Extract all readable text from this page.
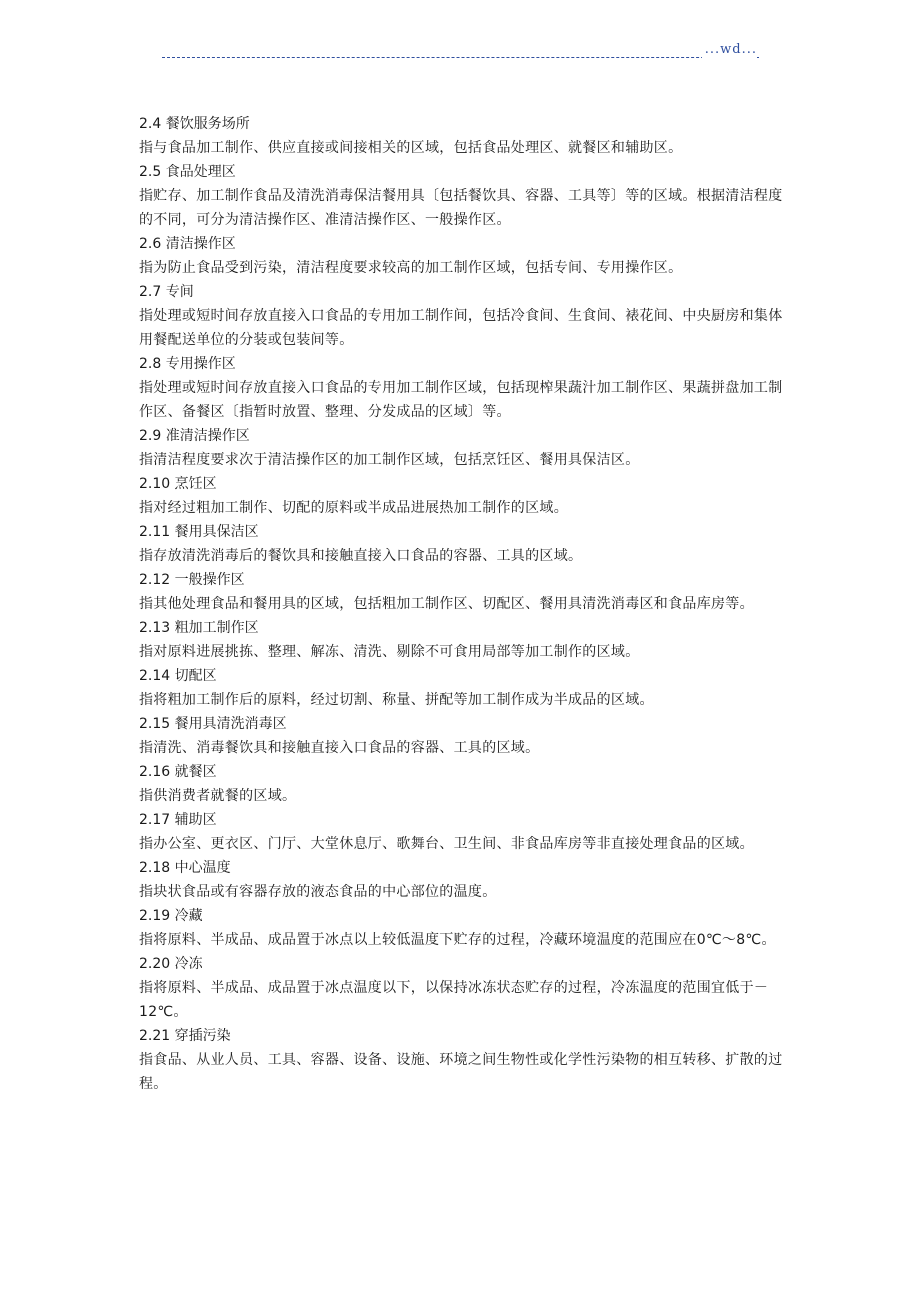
...wd...
2.4 餐饮服务场所
指与食品加工制作、供应直接或间接相关的区域，包括食品处理区、就餐区和辅助区。
2.5 食品处理区
指贮存、加工制作食品及清洗消毒保洁餐用具〔包括餐饮具、容器、工具等〕等的区域。根据清洁程度的不同，可分为清洁操作区、准清洁操作区、一般操作区。
2.6 清洁操作区
指为防止食品受到污染，清洁程度要求较高的加工制作区域，包括专间、专用操作区。
2.7 专间
指处理或短时间存放直接入口食品的专用加工制作间，包括冷食间、生食间、裱花间、中央厨房和集体用餐配送单位的分装或包装间等。
2.8 专用操作区
指处理或短时间存放直接入口食品的专用加工制作区域，包括现榨果蔬汁加工制作区、果蔬拼盘加工制作区、备餐区〔指暂时放置、整理、分发成品的区域〕等。
2.9 准清洁操作区
指清洁程度要求次于清洁操作区的加工制作区域，包括烹饪区、餐用具保洁区。
2.10 烹饪区
指对经过粗加工制作、切配的原料或半成品进展热加工制作的区域。
2.11 餐用具保洁区
指存放清洗消毒后的餐饮具和接触直接入口食品的容器、工具的区域。
2.12 一般操作区
指其他处理食品和餐用具的区域，包括粗加工制作区、切配区、餐用具清洗消毒区和食品库房等。
2.13 粗加工制作区
指对原料进展挑拣、整理、解冻、清洗、剔除不可食用局部等加工制作的区域。
2.14 切配区
指将粗加工制作后的原料，经过切割、称量、拼配等加工制作成为半成品的区域。
2.15 餐用具清洗消毒区
指清洗、消毒餐饮具和接触直接入口食品的容器、工具的区域。
2.16 就餐区
指供消费者就餐的区域。
2.17 辅助区
指办公室、更衣区、门厅、大堂休息厅、歌舞台、卫生间、非食品库房等非直接处理食品的区域。
2.18 中心温度
指块状食品或有容器存放的液态食品的中心部位的温度。
2.19 冷藏
指将原料、半成品、成品置于冰点以上较低温度下贮存的过程，冷藏环境温度的范围应在0℃～8℃。
2.20 冷冻
指将原料、半成品、成品置于冰点温度以下，以保持冰冻状态贮存的过程，冷冻温度的范围宜低于－12℃。
2.21 穿插污染
指食品、从业人员、工具、容器、设备、设施、环境之间生物性或化学性污染物的相互转移、扩散的过程。
